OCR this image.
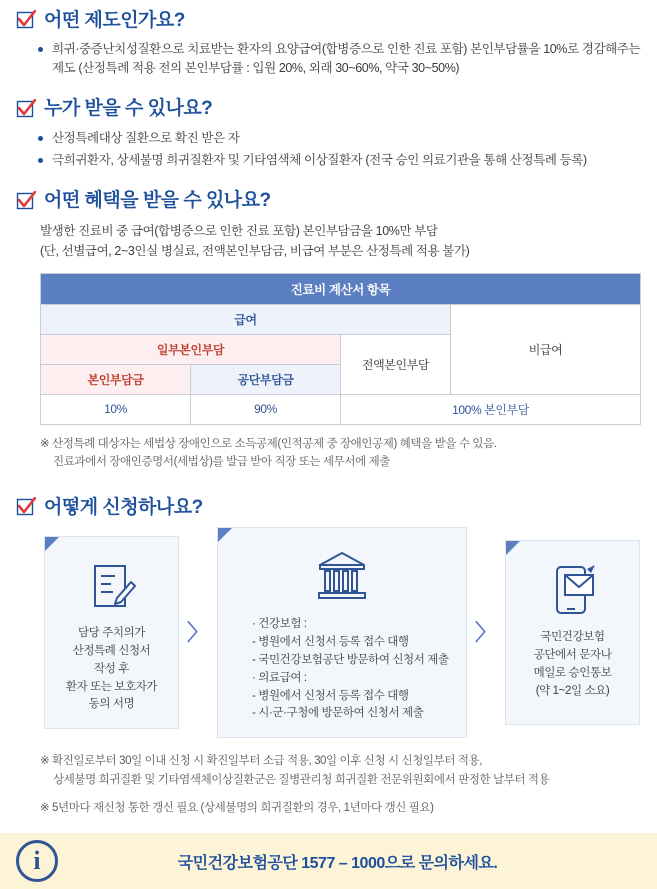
어떤 제도인가요?
희귀·중증난치성질환으로 치료받는 환자의 요양급여(합병증으로 인한 진료 포함) 본인부담률을 10%로 경감해주는 제도 (산정특례 적용 전의 본인부담률 : 입원 20%, 외래 30~60%, 약국 30~50%)
누가 받을 수 있나요?
산정특례대상 질환으로 확진 받은 자
극희귀환자, 상세불명 희귀질환자 및 기타염색체 이상질환자 (전국 승인 의료기관을 통해 산정특례 등록)
어떤 혜택을 받을 수 있나요?
발생한 진료비 중 급여(합병증으로 인한 진료 포함) 본인부담금을 10%만 부담
(단, 선별급여, 2~3인실 병실료, 전액본인부담금, 비급여 부분은 산정특례 적용 불가)
진료비 계산서 항목			
급여			비급여
일부본인부담		전액본인부담	
본인부담금	공단부담금		
10%	90%	100% 본인부담	
※ 산정특례 대상자는 세법상 장애인으로 소득공제(인적공제 중 장애인공제) 혜택을 받을 수 있음.
진료과에서 장애인증명서(세법상)를 발급 받아 직장 또는 세무서에 제출
어떻게 신청하나요?
담당 주치의가
산정특례 신청서
작성 후
환자 또는 보호자가
동의 서명
〉	· 건강보험 :
- 병원에서 신청서 등록 접수 대행
- 국민건강보험공단 방문하여 신청서 제출
· 의료급여 :
- 병원에서 신청서 등록 접수 대행
- 시·군·구청에 방문하여 신청서 제출
〉	국민건강보험
공단에서 문자나
메일로 승인통보
(약 1~2일 소요)
※ 확진일로부터 30일 이내 신청 시 확진일부터 소급 적용, 30일 이후 신청 시 신청일부터 적용,
상세불명 희귀질환 및 기타염색체이상질환군은 질병관리청 희귀질환 전문위원회에서 판정한 날부터 적용
※ 5년마다 재신청 통한 갱신 필요 (상세불명의 희귀질환의 경우, 1년마다 갱신 필요)
i	국민건강보험공단 1577 – 1000으로 문의하세요.
